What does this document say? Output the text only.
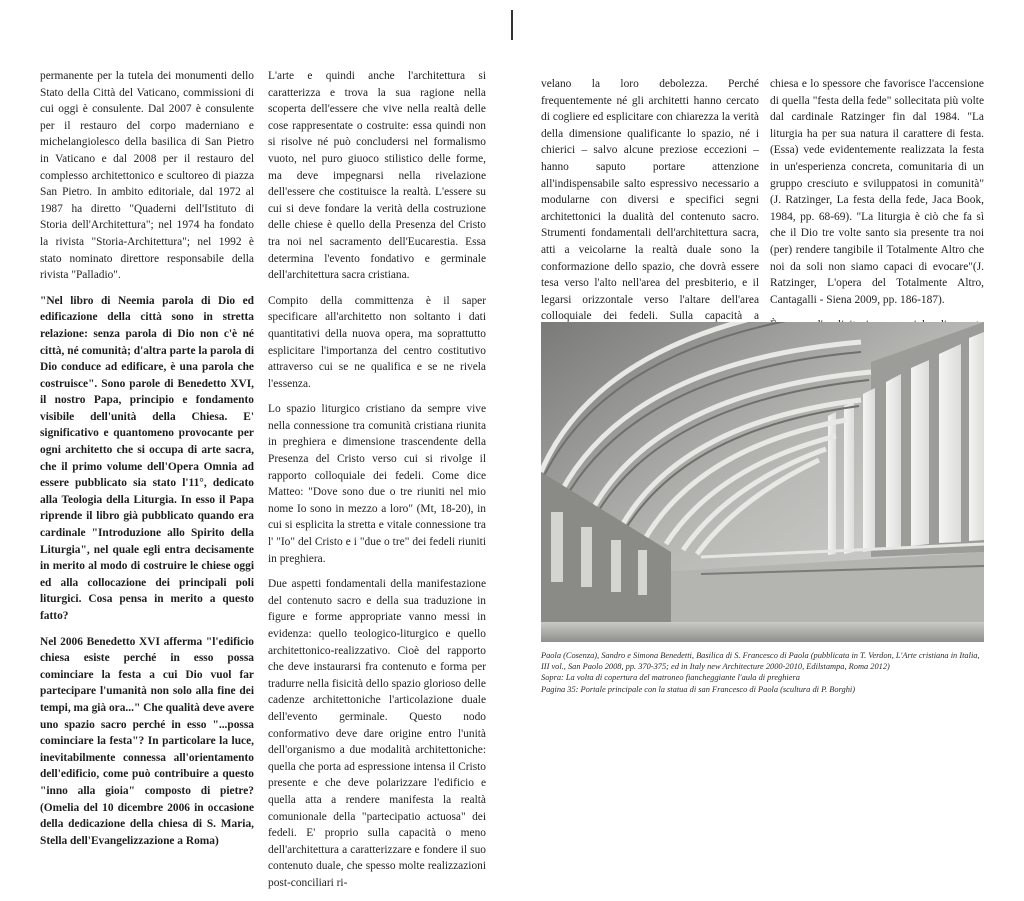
permanente per la tutela dei monumenti dello Stato della Città del Vaticano, commissioni di cui oggi è consulente. Dal 2007 è consulente per il restauro del corpo maderniano e michelangiolesco della basilica di San Pietro in Vaticano e dal 2008 per il restauro del complesso architettonico e scultoreo di piazza San Pietro. In ambito editoriale, dal 1972 al 1987 ha diretto "Quaderni dell'Istituto di Storia dell'Architettura"; nel 1974 ha fondato la rivista "Storia-Architettura"; nel 1992 è stato nominato direttore responsabile della rivista "Palladio".

"Nel libro di Neemia parola di Dio ed edificazione della città sono in stretta relazione: senza parola di Dio non c'è né città, né comunità; d'altra parte la parola di Dio conduce ad edificare, è una parola che costruisce". Sono parole di Benedetto XVI, il nostro Papa, principio e fondamento visibile dell'unità della Chiesa. E' significativo e quantomeno provocante per ogni architetto che si occupa di arte sacra, che il primo volume dell'Opera Omnia ad essere pubblicato sia stato l'11°, dedicato alla Teologia della Liturgia. In esso il Papa riprende il libro già pubblicato quando era cardinale "Introduzione allo Spirito della Liturgia", nel quale egli entra decisamente in merito al modo di costruire le chiese oggi ed alla collocazione dei principali poli liturgici. Cosa pensa in merito a questo fatto?

Nel 2006 Benedetto XVI afferma "l'edificio chiesa esiste perché in esso possa cominciare la festa a cui Dio vuol far partecipare l'umanità non solo alla fine dei tempi, ma già ora..." Che qualità deve avere uno spazio sacro perché in esso "...possa cominciare la festa"? In particolare la luce, inevitabilmente connessa all'orientamento dell'edificio, come può contribuire a questo "inno alla gioia" composto di pietre? (Omelia del 10 dicembre 2006 in occasione della dedicazione della chiesa di S. Maria, Stella dell'Evangelizzazione a Roma)

L'arte e quindi anche l'architettura si caratterizza e trova la sua ragione nella scoperta dell'essere che vive nella realtà delle cose rappresentate o costruite: essa quindi non si risolve né può concludersi nel formalismo vuoto, nel puro giuoco stilistico delle forme, ma deve impegnarsi nella rivelazione dell'essere che costituisce la realtà. L'essere su cui si deve fondare la verità della costruzione delle chiese è quello della Presenza del Cristo tra noi nel sacramento dell'Eucarestia. Essa determina l'evento fondativo e germinale dell'architettura sacra cristiana.

Compito della committenza è il saper specificare all'architetto non soltanto i dati quantitativi della nuova opera, ma soprattutto esplicitare l'importanza del centro costitutivo attraverso cui se ne qualifica e se ne rivela l'essenza.

Lo spazio liturgico cristiano da sempre vive nella connessione tra comunità cristiana riunita in preghiera e dimensione trascendente della Presenza del Cristo verso cui si rivolge il rapporto colloquiale dei fedeli. Come dice Matteo: "Dove sono due o tre riuniti nel mio nome Io sono in mezzo a loro" (Mt, 18-20), in cui si esplicita la stretta e vitale connessione tra l' "Io" del Cristo e i "due o tre" dei fedeli riuniti in preghiera.

Due aspetti fondamentali della manifestazione del contenuto sacro e della sua traduzione in figure e forme appropriate vanno messi in evidenza: quello teologico-liturgico e quello architettonico-realizzativo. Cioè del rapporto che deve instaurarsi fra contenuto e forma per tradurre nella fisicità dello spazio glorioso delle cadenze architettoniche l'articolazione duale dell'evento germinale. Questo nodo conformativo deve dare origine entro l'unità dell'organismo a due modalità architettoniche: quella che porta ad espressione intensa il Cristo presente e che deve polarizzare l'edificio e quella atta a rendere manifesta la realtà comunionale della "partecipatio actuosa" dei fedeli. E' proprio sulla capacità o meno dell'architettura a caratterizzare e fondere il suo contenuto duale, che spesso molte realizzazioni post-conciliari ri-

velano la loro debolezza. Perché frequentemente né gli architetti hanno cercato di cogliere ed esplicitare con chiarezza la verità della dimensione qualificante lo spazio, né i chierici – salvo alcune preziose eccezioni – hanno saputo portare attenzione all'indispensabile salto espressivo necessario a modularne con diversi e specifici segni architettonici la dualità del contenuto sacro. Strumenti fondamentali dell'architettura sacra, atti a veicolarne la realtà duale sono la conformazione dello spazio, che dovrà essere tesa verso l'alto nell'area del presbiterio, e il legarsi orizzontale verso l'altare dell'area colloquiale dei fedeli. Sulla capacità a

chiesa e lo spessore che favorisce l'accensione di quella "festa della fede" sollecitata più volte dal cardinale Ratzinger fin dal 1984. "La liturgia ha per sua natura il carattere di festa. (Essa) vede evidentemente realizzata la festa in un'esperienza concreta, comunitaria di un gruppo cresciuto e sviluppatosi in comunità" (J. Ratzinger, La festa della fede, Jaca Book, 1984, pp. 68-69). "La liturgia è ciò che fa sì che il Dio tre volte santo sia presente tra noi (per) rendere tangibile il Totalmente Altro che noi da soli non siamo capaci di evocare"(J. Ratzinger, L'opera del Totalmente Altro, Cantagalli - Siena 2009, pp. 186-187).

Paola (Cosenza), Sandro e Simona Benedetti, Basilica di S. Francesco di Paola (pubblicata in T. Verdon, L'Arte cristiana in Italia, III vol., San Paolo 2008, pp. 370-375; ed in Italy new Architecture 2000-2010, Edilstampa, Roma 2012)

Sopra: La volta di copertura del matroneo fiancheggiante l'aula di preghiera

Pagina 35: Portale principale con la statua di san Francesco di Paola (scultura di P. Borghi)
